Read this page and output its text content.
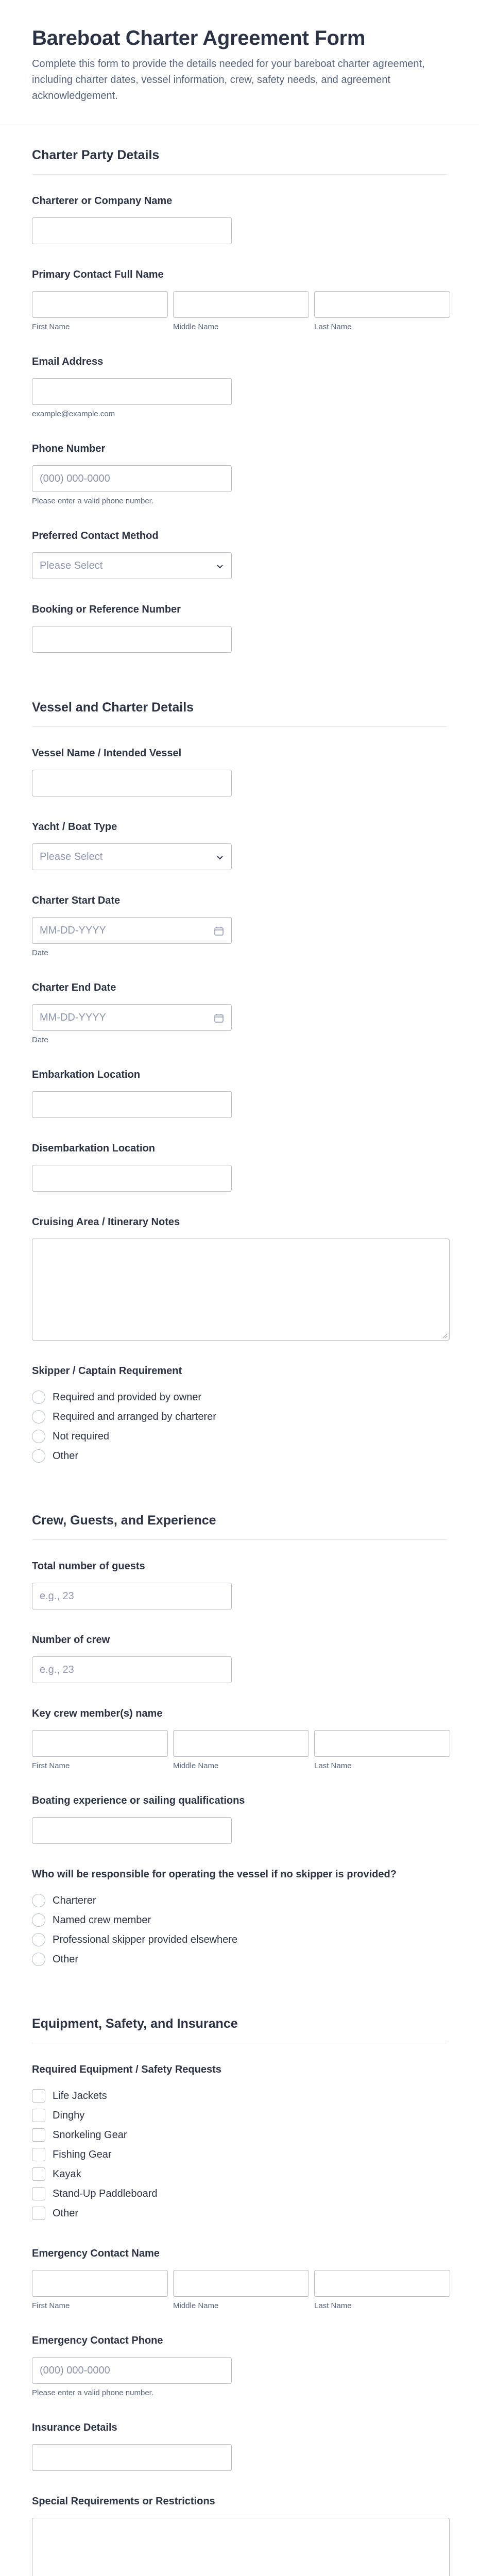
Bareboat Charter Agreement Form
Complete this form to provide the details needed for your bareboat charter agreement, including charter dates, vessel information, crew, safety needs, and agreement acknowledgement.
Charter Party Details
Charterer or Company Name
Primary Contact Full Name
First Name	Middle Name	Last Name
Email Address
example@example.com
Phone Number
(000) 000-0000
Please enter a valid phone number.
Preferred Contact Method
Please Select
Booking or Reference Number
Vessel and Charter Details
Vessel Name / Intended Vessel
Yacht / Boat Type
Please Select
Charter Start Date
MM-DD-YYYY
Date
Charter End Date
MM-DD-YYYY
Date
Embarkation Location
Disembarkation Location
Cruising Area / Itinerary Notes
Skipper / Captain Requirement
Required and provided by owner
Required and arranged by charterer
Not required
Other
Crew, Guests, and Experience
Total number of guests
e.g., 23
Number of crew
e.g., 23
Key crew member(s) name
First Name	Middle Name	Last Name
Boating experience or sailing qualifications
Who will be responsible for operating the vessel if no skipper is provided?
Charterer
Named crew member
Professional skipper provided elsewhere
Other
Equipment, Safety, and Insurance
Required Equipment / Safety Requests
Life Jackets
Dinghy
Snorkeling Gear
Fishing Gear
Kayak
Stand-Up Paddleboard
Other
Emergency Contact Name
First Name	Middle Name	Last Name
Emergency Contact Phone
(000) 000-0000
Please enter a valid phone number.
Insurance Details
Special Requirements or Restrictions
